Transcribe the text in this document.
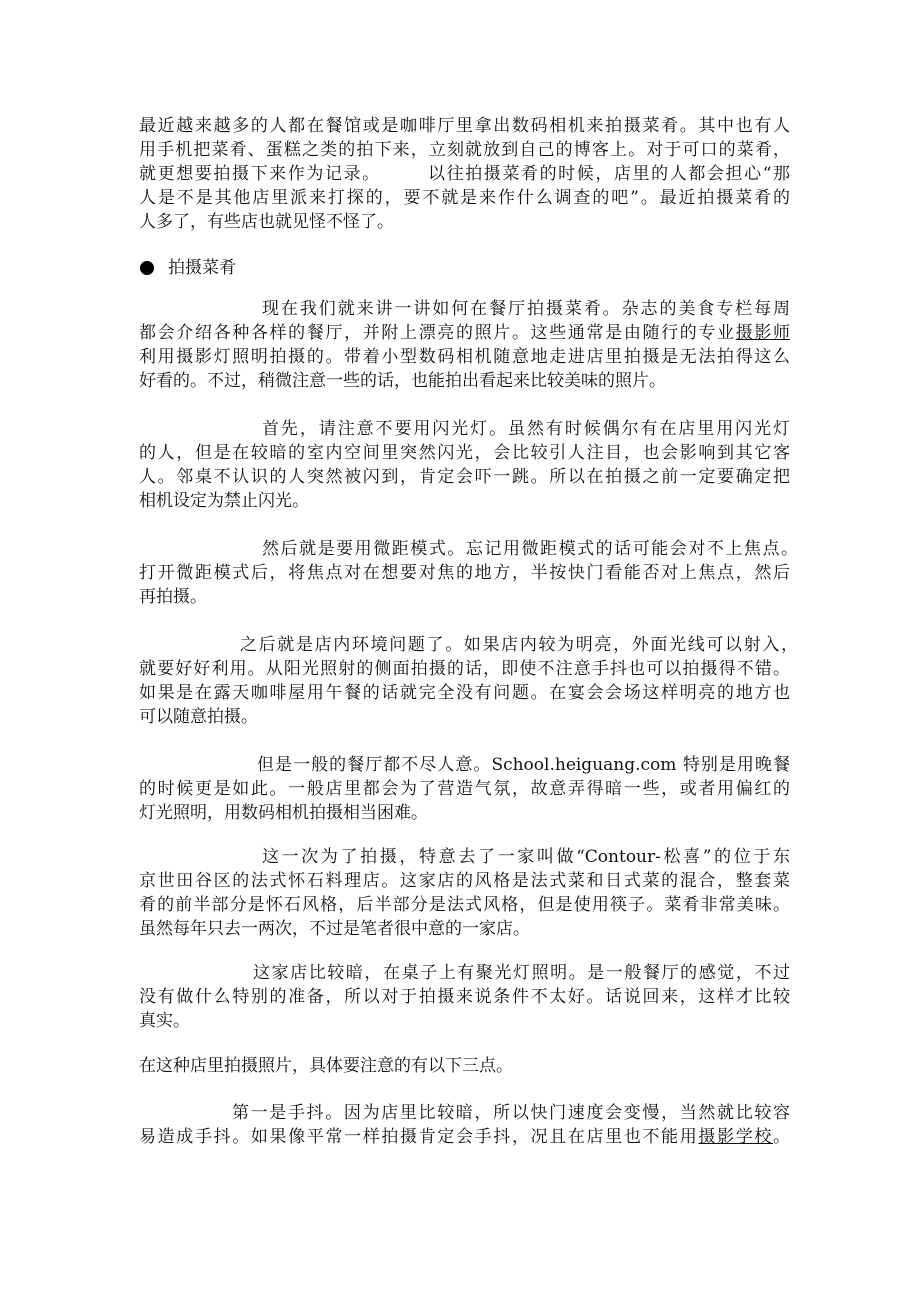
最近越来越多的人都在餐馆或是咖啡厅里拿出数码相机来拍摄菜肴。其中也有人
用手机把菜肴、蛋糕之类的拍下来，立刻就放到自己的博客上。对于可口的菜肴，
就更想要拍摄下来作为记录。　　　以往拍摄菜肴的时候，店里的人都会担心“那
人是不是其他店里派来打探的，要不就是来作什么调查的吧”。最近拍摄菜肴的
人多了，有些店也就见怪不怪了。
拍摄菜肴
现在我们就来讲一讲如何在餐厅拍摄菜肴。杂志的美食专栏每周
都会介绍各种各样的餐厅，并附上漂亮的照片。这些通常是由随行的专业摄影师
利用摄影灯照明拍摄的。带着小型数码相机随意地走进店里拍摄是无法拍得这么
好看的。不过，稍微注意一些的话，也能拍出看起来比较美味的照片。
首先，请注意不要用闪光灯。虽然有时候偶尔有在店里用闪光灯
的人，但是在较暗的室内空间里突然闪光，会比较引人注目，也会影响到其它客
人。邻桌不认识的人突然被闪到，肯定会吓一跳。所以在拍摄之前一定要确定把
相机设定为禁止闪光。
然后就是要用微距模式。忘记用微距模式的话可能会对不上焦点。
打开微距模式后，将焦点对在想要对焦的地方，半按快门看能否对上焦点，然后
再拍摄。
之后就是店内环境问题了。如果店内较为明亮，外面光线可以射入，
就要好好利用。从阳光照射的侧面拍摄的话，即使不注意手抖也可以拍摄得不错。
如果是在露天咖啡屋用午餐的话就完全没有问题。在宴会会场这样明亮的地方也
可以随意拍摄。
但是一般的餐厅都不尽人意。School.heiguang.com 特别是用晚餐
的时候更是如此。一般店里都会为了营造气氛，故意弄得暗一些，或者用偏红的
灯光照明，用数码相机拍摄相当困难。
这一次为了拍摄，特意去了一家叫做“Contour-松喜”的位于东
京世田谷区的法式怀石料理店。这家店的风格是法式菜和日式菜的混合，整套菜
肴的前半部分是怀石风格，后半部分是法式风格，但是使用筷子。菜肴非常美味。
虽然每年只去一两次，不过是笔者很中意的一家店。
这家店比较暗，在桌子上有聚光灯照明。是一般餐厅的感觉，不过
没有做什么特别的准备，所以对于拍摄来说条件不太好。话说回来，这样才比较
真实。
在这种店里拍摄照片，具体要注意的有以下三点。
第一是手抖。因为店里比较暗，所以快门速度会变慢，当然就比较容
易造成手抖。如果像平常一样拍摄肯定会手抖，况且在店里也不能用摄影学校。
